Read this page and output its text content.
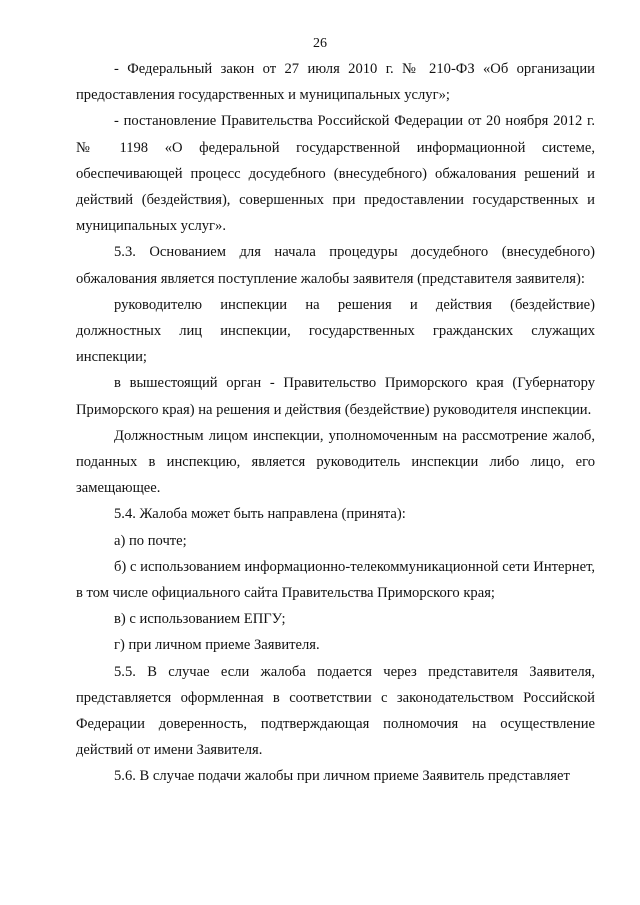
26

- Федеральный закон от 27 июля 2010 г. № 210-ФЗ «Об организации предоставления государственных и муниципальных услуг»;

- постановление Правительства Российской Федерации от 20 ноября 2012 г. № 1198 «О федеральной государственной информационной системе, обеспечивающей процесс досудебного (внесудебного) обжалования решений и действий (бездействия), совершенных при предоставлении государственных и муниципальных услуг».

5.3. Основанием для начала процедуры досудебного (внесудебного) обжалования является поступление жалобы заявителя (представителя заявителя):

руководителю инспекции на решения и действия (бездействие) должностных лиц инспекции, государственных гражданских служащих инспекции;

в вышестоящий орган - Правительство Приморского края (Губернатору Приморского края) на решения и действия (бездействие) руководителя инспекции.

Должностным лицом инспекции, уполномоченным на рассмотрение жалоб, поданных в инспекцию, является руководитель инспекции либо лицо, его замещающее.

5.4. Жалоба может быть направлена (принята):

а) по почте;

б) с использованием информационно-телекоммуникационной сети Интернет, в том числе официального сайта Правительства Приморского края;

в) с использованием ЕПГУ;

г) при личном приеме Заявителя.

5.5. В случае если жалоба подается через представителя Заявителя, представляется оформленная в соответствии с законодательством Российской Федерации доверенность, подтверждающая полномочия на осуществление действий от имени Заявителя.

5.6. В случае подачи жалобы при личном приеме Заявитель представляет
